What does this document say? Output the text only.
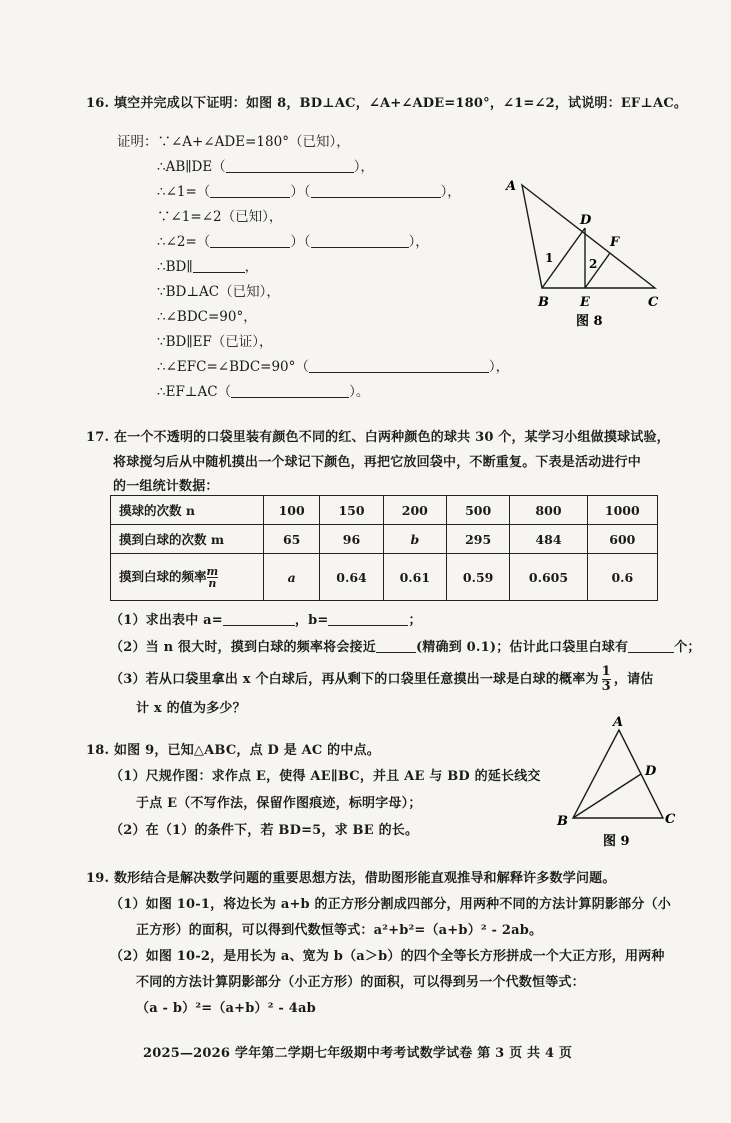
16. 填空并完成以下证明：如图 8，BD⊥AC，∠A+∠ADE=180°，∠1=∠2，试说明：EF⊥AC。
证明：∵∠A+∠ADE=180°（已知），
∴AB∥DE（	），
∴∠1=（	）（	），
∵∠1=∠2（已知），
∴∠2=（	）（	），
∴BD∥	，
∵BD⊥AC（已知），
∴∠BDC=90°，
∵BD∥EF（已证），
∴∠EFC=∠BDC=90°（	），
∴EF⊥AC（	）。
A
D
F
1	2
B E	C
图 8
17. 在一个不透明的口袋里装有颜色不同的红、白两种颜色的球共 30 个，某学习小组做摸球试验，
将球搅匀后从中随机摸出一个球记下颜色，再把它放回袋中，不断重复。下表是活动进行中
的一组统计数据：
摸球的次数 n	100	150	200	500	800	1000
摸到白球的次数 m	65	96	b	295	484	600
摸到白球的频率 $\frac{m}{n}$	a	0.64	0.61	0.59	0.605	0.6
（1）求出表中 a=	，b=	；
（2）当 n 很大时，摸到白球的频率将会接近	(精确到 0.1)；估计此口袋里白球有	个；
（3）若从口袋里拿出 x 个白球后，再从剩下的口袋里任意摸出一球是白球的概率为 $\frac{1}{3}$ ，请估
计 x 的值为多少？
18. 如图 9，已知△ABC，点 D 是 AC 的中点。
（1）尺规作图：求作点 E，使得 AE∥BC，并且 AE 与 BD 的延长线交
于点 E（不写作法，保留作图痕迹，标明字母）；
（2）在（1）的条件下，若 BD=5，求 BE 的长。
A
D
B	C
图 9
19. 数形结合是解决数学问题的重要思想方法，借助图形能直观推导和解释许多数学问题。
（1）如图 10-1，将边长为 a+b 的正方形分割成四部分，用两种不同的方法计算阴影部分（小
正方形）的面积，可以得到代数恒等式：a²+b²=（a+b）² - 2ab。
（2）如图 10-2，是用长为 a、宽为 b（a＞b）的四个全等长方形拼成一个大正方形，用两种
不同的方法计算阴影部分（小正方形）的面积，可以得到另一个代数恒等式：
（a - b）²=（a+b）² - 4ab
2025—2026 学年第二学期七年级期中考考试数学试卷 第 3 页 共 4 页
